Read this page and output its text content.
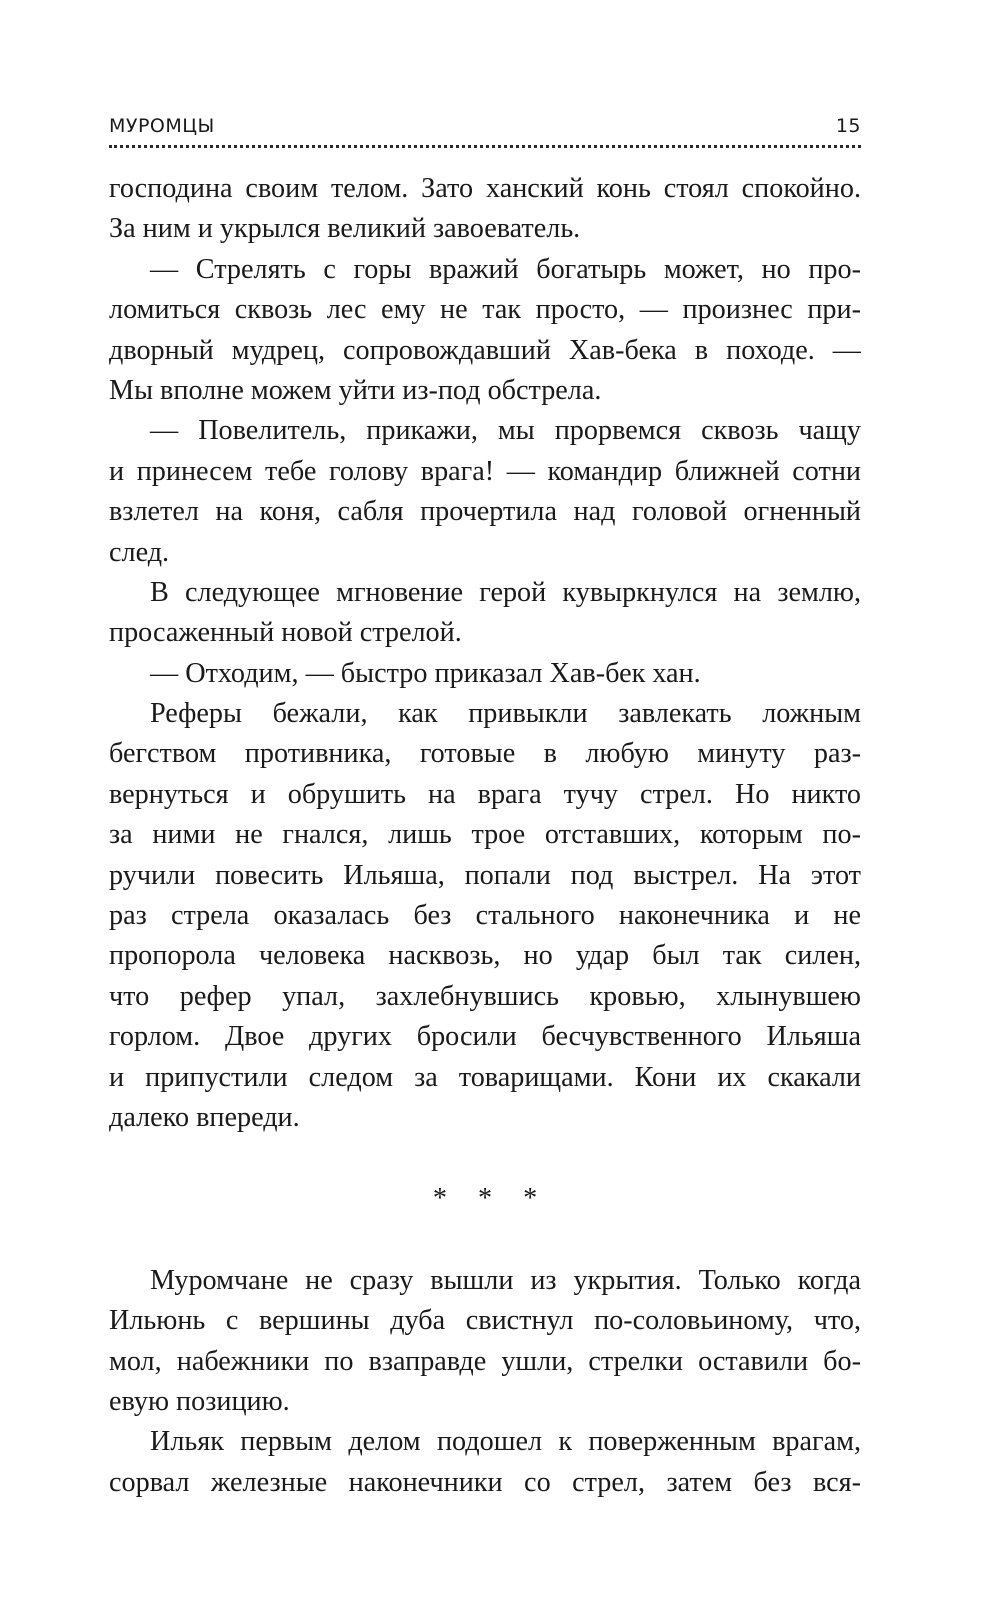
МУРОМЦЫ	15
господина своим телом. Зато ханский конь стоял спокойно.
За ним и укрылся великий завоеватель.
— Стрелять с горы вражий богатырь может, но про-
ломиться сквозь лес ему не так просто, — произнес при-
дворный мудрец, сопровождавший Хав-бека в походе. —
Мы вполне можем уйти из-под обстрела.
— Повелитель, прикажи, мы прорвемся сквозь чащу
и принесем тебе голову врага! — командир ближней сотни
взлетел на коня, сабля прочертила над головой огненный
след.
В следующее мгновение герой кувыркнулся на землю,
просаженный новой стрелой.
— Отходим, — быстро приказал Хав-бек хан.
Реферы бежали, как привыкли завлекать ложным
бегством противника, готовые в любую минуту раз-
вернуться и обрушить на врага тучу стрел. Но никто
за ними не гнался, лишь трое отставших, которым по-
ручили повесить Ильяша, попали под выстрел. На этот
раз стрела оказалась без стального наконечника и не
пропорола человека насквозь, но удар был так силен,
что рефер упал, захлебнувшись кровью, хлынувшею
горлом. Двое других бросили бесчувственного Ильяша
и припустили следом за товарищами. Кони их скакали
далеко впереди.
* * *
Муромчане не сразу вышли из укрытия. Только когда
Ильюнь с вершины дуба свистнул по-соловьиному, что,
мол, набежники по взаправде ушли, стрелки оставили бо-
евую позицию.
Ильяк первым делом подошел к поверженным врагам,
сорвал железные наконечники со стрел, затем без вся-
